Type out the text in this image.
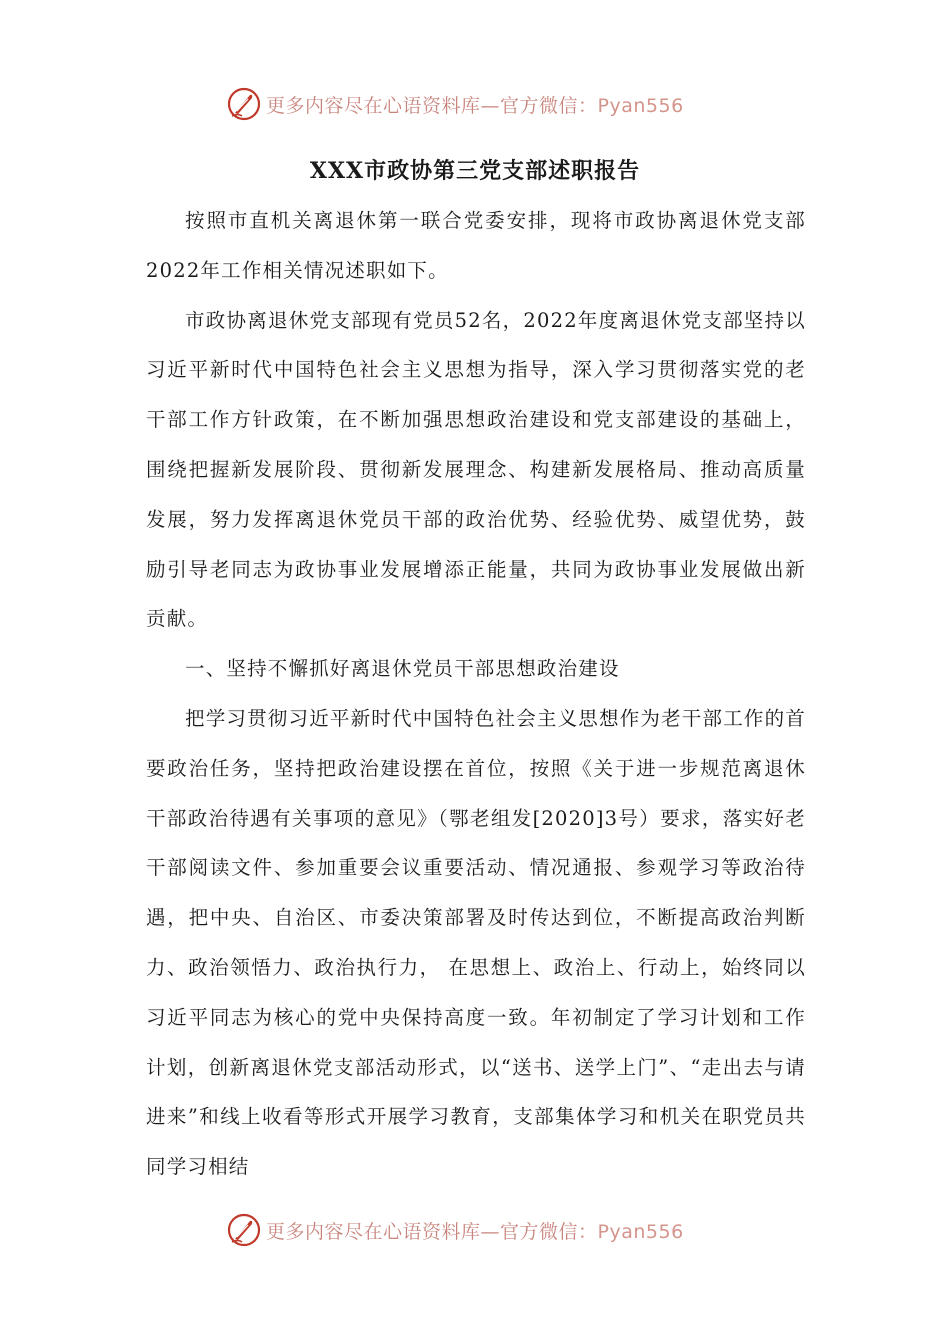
更多内容尽在心语资料库—官方微信：Pyan556
XXX市政协第三党支部述职报告

按照市直机关离退休第一联合党委安排，现将市政协离退休党支部2022年工作相关情况述职如下。

市政协离退休党支部现有党员52名，2022年度离退休党支部坚持以习近平新时代中国特色社会主义思想为指导，深入学习贯彻落实党的老干部工作方针政策，在不断加强思想政治建设和党支部建设的基础上，围绕把握新发展阶段、贯彻新发展理念、构建新发展格局、推动高质量发展，努力发挥离退休党员干部的政治优势、经验优势、威望优势，鼓励引导老同志为政协事业发展增添正能量，共同为政协事业发展做出新贡献。

一、坚持不懈抓好离退休党员干部思想政治建设

把学习贯彻习近平新时代中国特色社会主义思想作为老干部工作的首要政治任务，坚持把政治建设摆在首位，按照《关于进一步规范离退休干部政治待遇有关事项的意见》（鄂老组发[2020]3号）要求，落实好老干部阅读文件、参加重要会议重要活动、情况通报、参观学习等政治待遇，把中央、自治区、市委决策部署及时传达到位，不断提高政治判断力、政治领悟力、政治执行力， 在思想上、政治上、行动上，始终同以习近平同志为核心的党中央保持高度一致。年初制定了学习计划和工作计划，创新离退休党支部活动形式，以“送书、送学上门”、“走出去与请进来”和线上收看等形式开展学习教育，支部集体学习和机关在职党员共同学习相结

更多内容尽在心语资料库—官方微信：Pyan556
